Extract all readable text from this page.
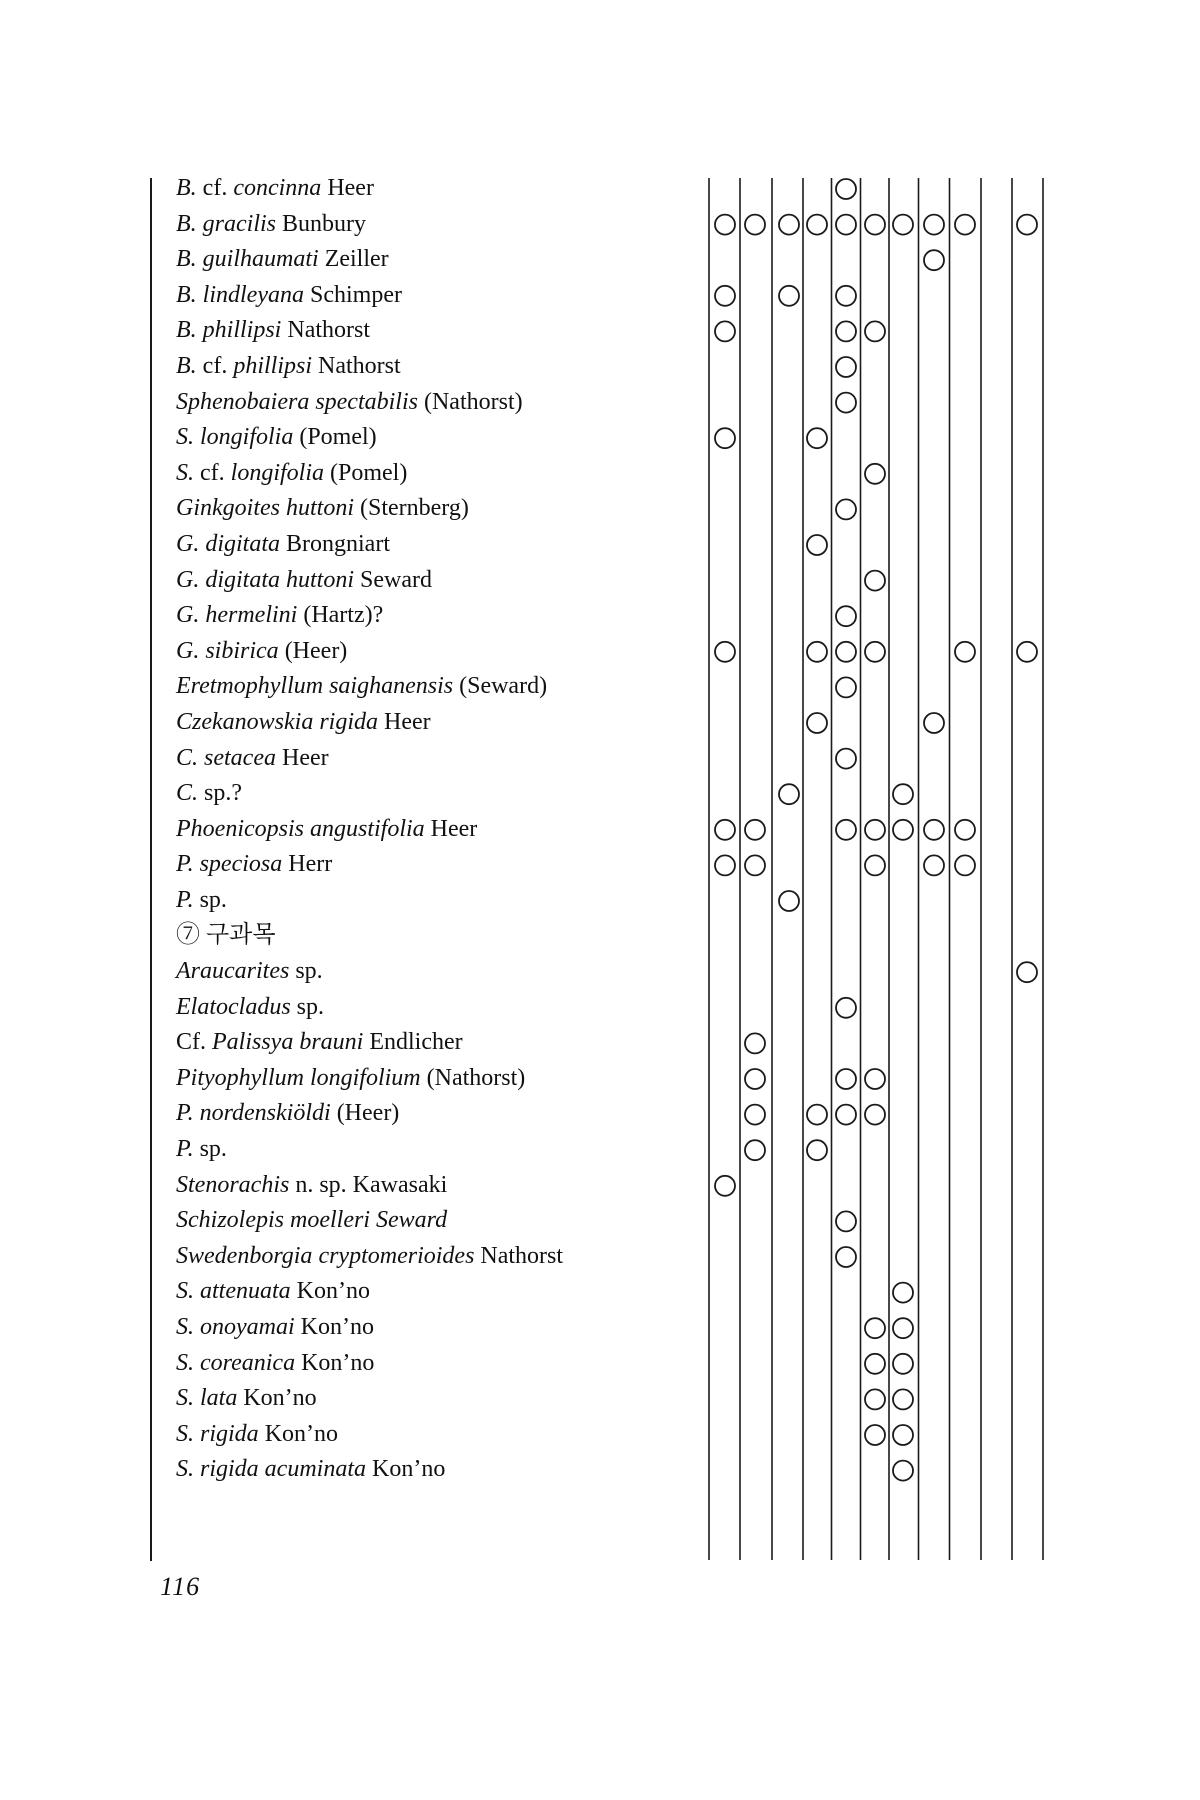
B. cf. concinna Heer
B. gracilis Bunbury
B. guilhaumati Zeiller
B. lindleyana Schimper
B. phillipsi Nathorst
B. cf. phillipsi Nathorst
Sphenobaiera spectabilis (Nathorst)
S. longifolia (Pomel)
S. cf. longifolia (Pomel)
Ginkgoites huttoni (Sternberg)
G. digitata Brongniart
G. digitata huttoni Seward
G. hermelini (Hartz)?
G. sibirica (Heer)
Eretmophyllum saighanensis (Seward)
Czekanowskia rigida Heer
C. setacea Heer
C. sp.?
Phoenicopsis angustifolia Heer
P. speciosa Herr
P. sp.
⑦ 구과목
Araucarites sp.
Elatocladus sp.
Cf. Palissya brauni Endlicher
Pityophyllum longifolium (Nathorst)
P. nordenskiöldi (Heer)
P. sp.
Stenorachis n. sp. Kawasaki
Schizolepis moelleri Seward
Swedenborgia cryptomerioides Nathorst
S. attenuata Kon’no
S. onoyamai Kon’no
S. coreanica Kon’no
S. lata Kon’no
S. rigida Kon’no
S. rigida acuminata Kon’no
116
